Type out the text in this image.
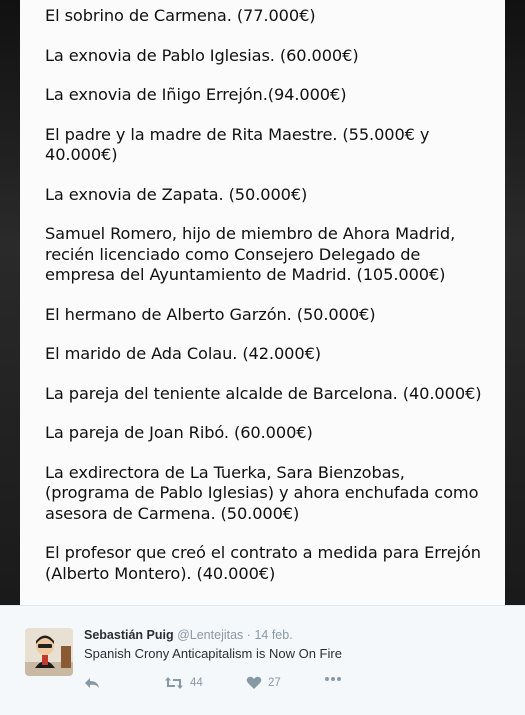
El sobrino de Carmena. (77.000€)
La exnovia de Pablo Iglesias. (60.000€)
La exnovia de Iñigo Errejón.(94.000€)
El padre y la madre de Rita Maestre. (55.000€ y
40.000€)
La exnovia de Zapata. (50.000€)
Samuel Romero, hijo de miembro de Ahora Madrid,
recién licenciado como Consejero Delegado de
empresa del Ayuntamiento de Madrid. (105.000€)
El hermano de Alberto Garzón. (50.000€)
El marido de Ada Colau. (42.000€)
La pareja del teniente alcalde de Barcelona. (40.000€)
La pareja de Joan Ribó. (60.000€)
La exdirectora de La Tuerka, Sara Bienzobas,
(programa de Pablo Iglesias) y ahora enchufada como
asesora de Carmena. (50.000€)
El profesor que creó el contrato a medida para Errejón
(Alberto Montero). (40.000€)
Sebastián Puig @Lentejitas · 14 feb.
Spanish Crony Anticapitalism is Now On Fire
44	27
